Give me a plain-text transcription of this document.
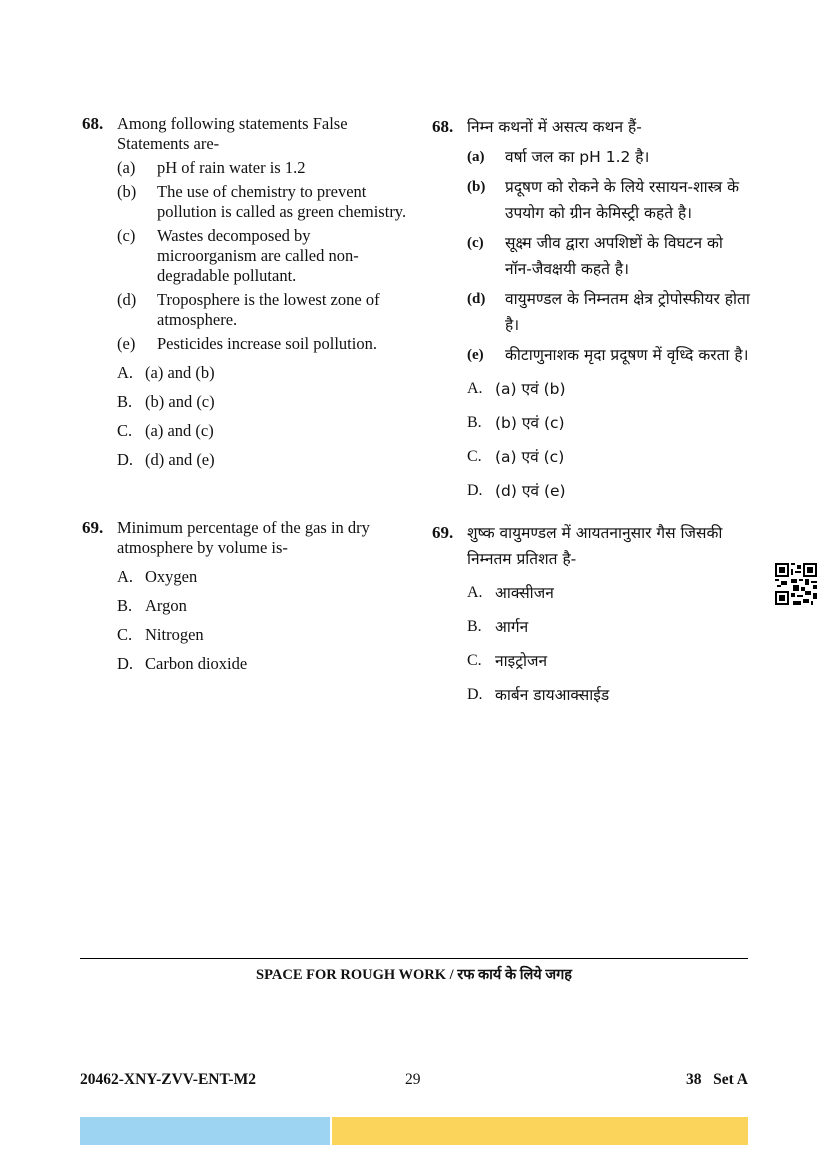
68. Among following statements False Statements are-
(a)	pH of rain water is 1.2
(b)	The use of chemistry to prevent pollution is called as green chemistry.
(c)	Wastes decomposed by microorganism are called non-degradable pollutant.
(d)	Troposphere is the lowest zone of atmosphere.
(e)	Pesticides increase soil pollution.
A. (a) and (b)
B. (b) and (c)
C. (a) and (c)
D. (d) and (e)
69. Minimum percentage of the gas in dry atmosphere by volume is-
A. Oxygen
B. Argon
C. Nitrogen
D. Carbon dioxide
68. निम्न कथनों में असत्य कथन हैं-
(a)	वर्षा जल का pH 1.2 है।
(b)	प्रदूषण को रोकने के लिये रसायन-शास्त्र के उपयोग को ग्रीन केमिस्ट्री कहते है।
(c)	सूक्ष्म जीव द्वारा अपशिष्टों के विघटन को नॉन-जैवक्षयी कहते है।
(d)	वायुमण्डल के निम्नतम क्षेत्र ट्रोपोस्फीयर होता है।
(e)	कीटाणुनाशक मृदा प्रदूषण में वृध्दि करता है।
A. (a) एवं (b)
B. (b) एवं (c)
C. (a) एवं (c)
D. (d) एवं (e)
69. शुष्क वायुमण्डल में आयतनानुसार गैस जिसकी निम्नतम प्रतिशत है-
A. आक्सीजन
B. आर्गन
C. नाइट्रोजन
D. कार्बन डायआक्साईड
SPACE FOR ROUGH WORK / रफ कार्य के लिये जगह
20462-XNY-ZVV-ENT-M2	29	38   Set A
